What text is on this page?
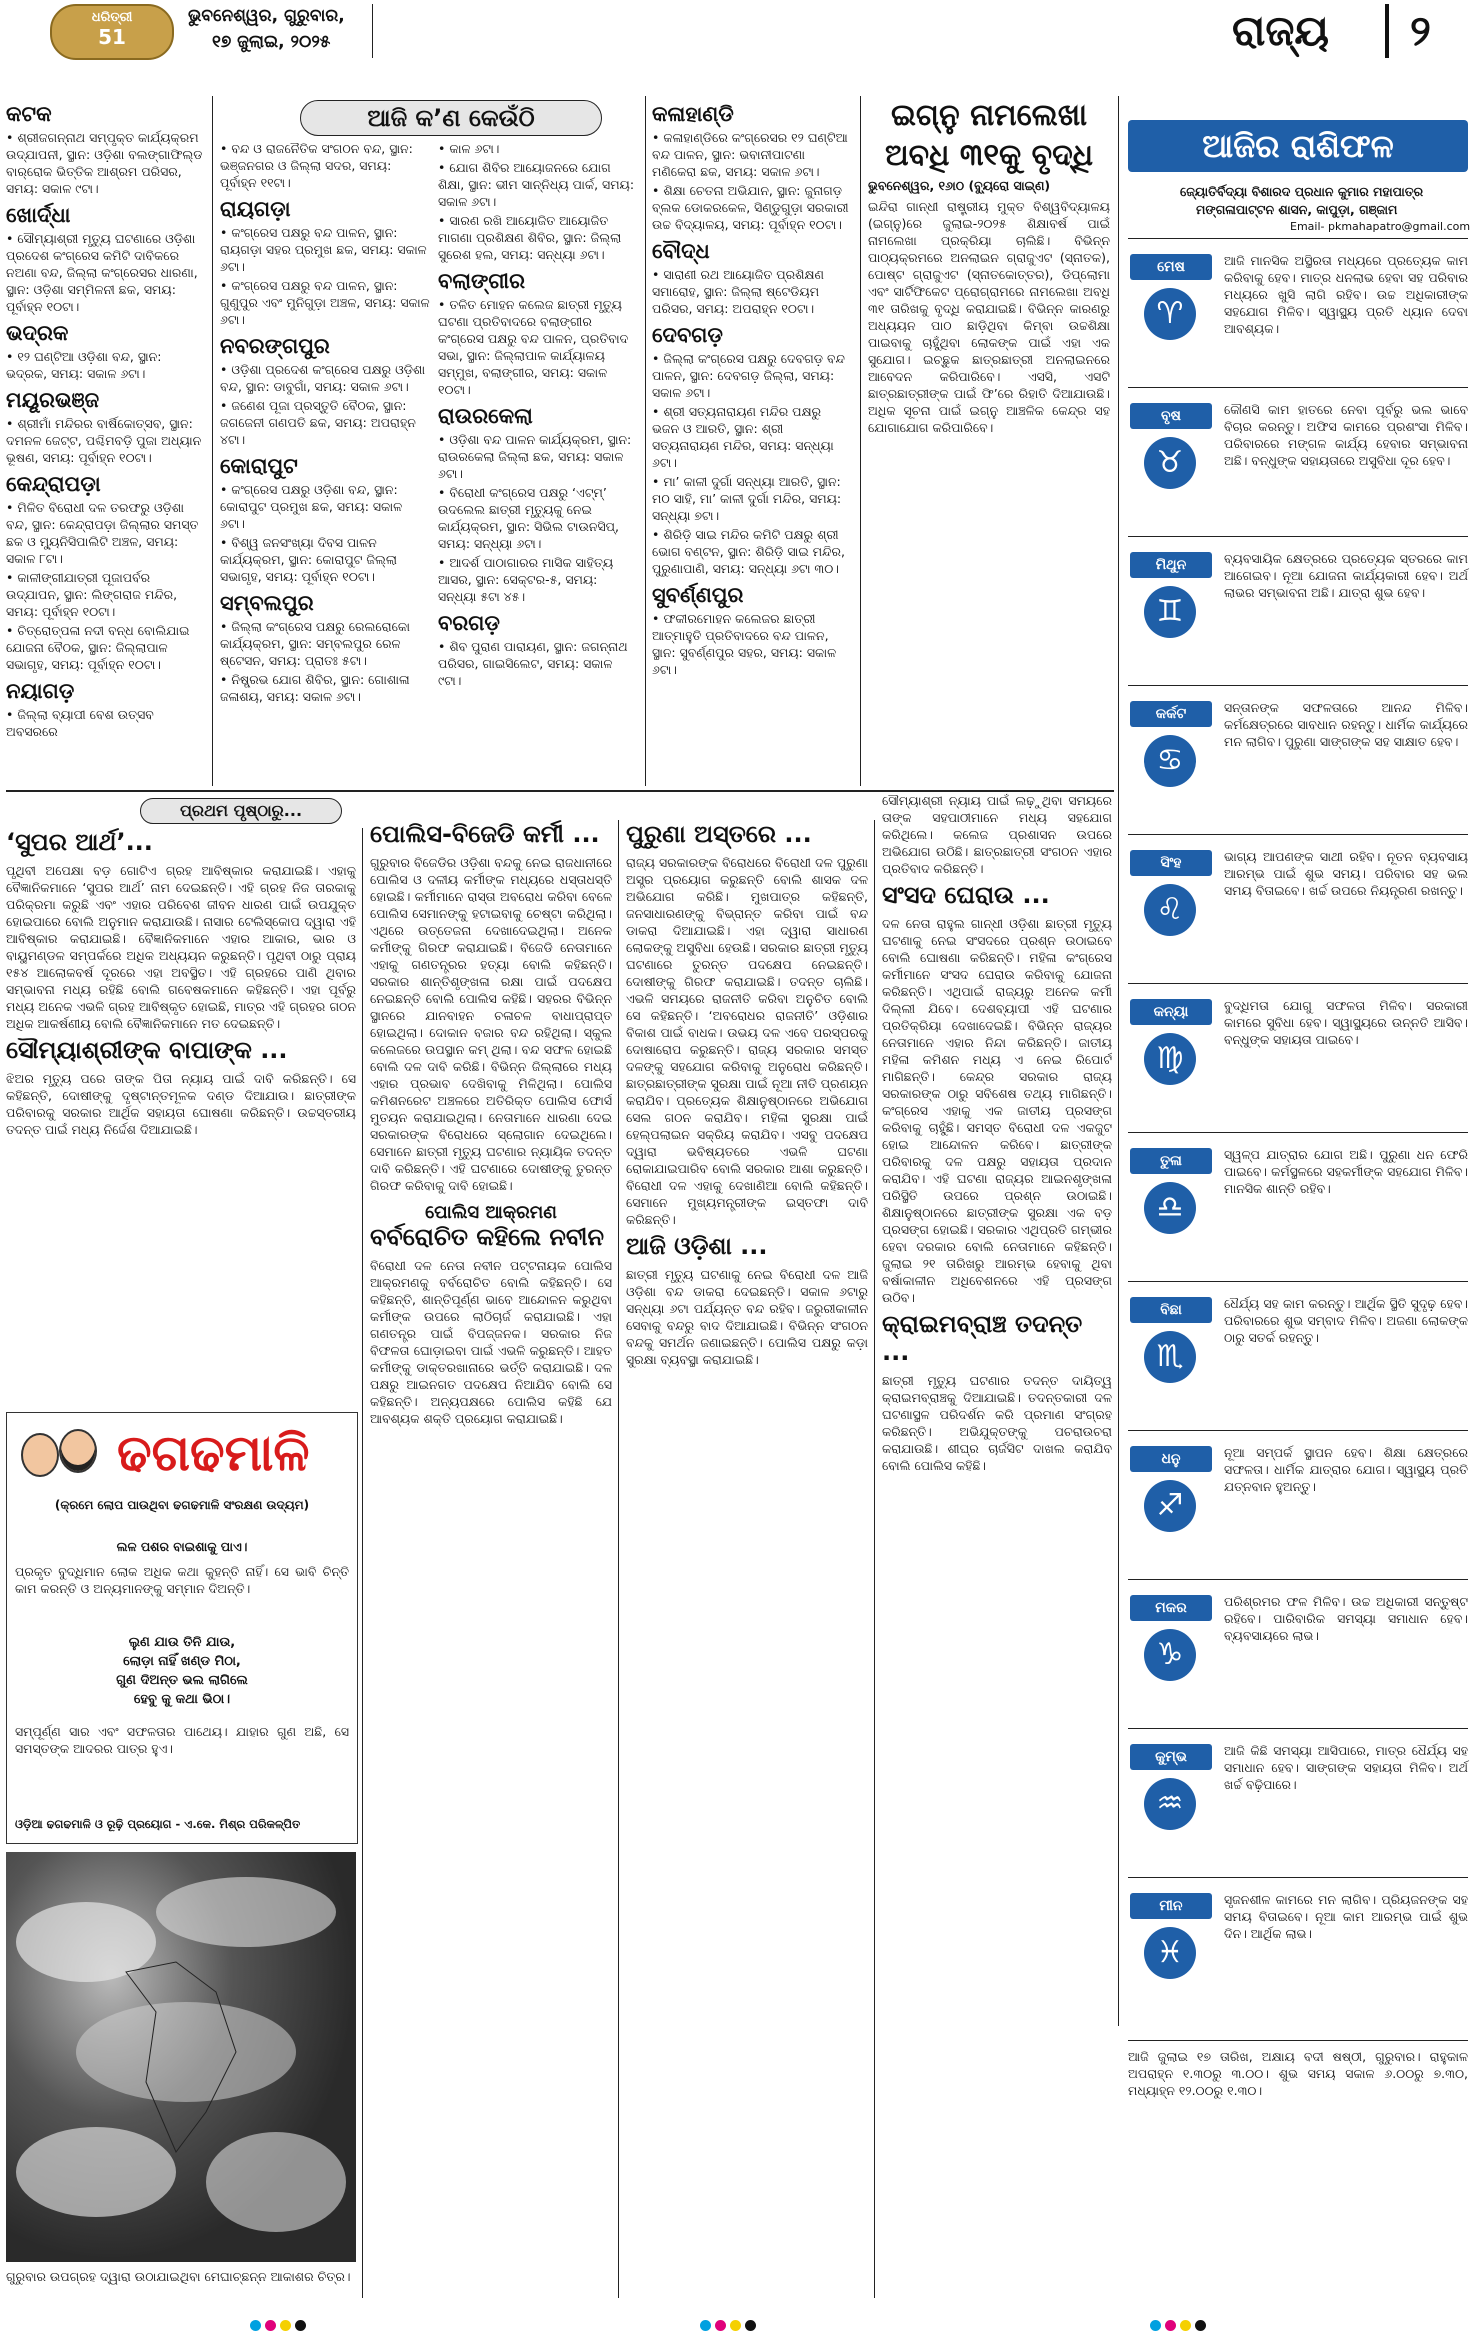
ଧରିତ୍ରୀ
51
ଭୁବନେଶ୍ୱର, ଗୁରୁବାର,
୧୭ ଜୁଲାଇ, ୨୦୨୫	ରାଜ୍ୟ ୨
ଆଜି କ’ଣ କେଉଁଠି
କଟକ
• ଶ୍ରୀଜଗନ୍ନାଥ ସମ୍ପୃକ୍ତ କାର୍ଯ୍ୟକ୍ରମ ଉଦ୍ଯାପନୀ, ସ୍ଥାନ: ଓଡ଼ିଶା ବଲଙ୍ଗାଫିଲ୍ଡ ବାର୍‌ରୋକ ଭିତ୍ତିକ ଆଶ୍ରମ ପରିସର, ସମୟ: ସକାଳ ୯ଟା।
ଖୋର୍ଦ୍ଧା
• ସୌମ୍ୟାଶ୍ରୀ ମୃତ୍ୟୁ ଘଟଣାରେ ଓଡ଼ିଶା ପ୍ରଦେଶ କଂଗ୍ରେସ କମିଟି ଦାବିକରେ ନଅଣା ବନ୍ଦ, ଜିଲ୍ଲା କଂଗ୍ରେସର ଧାରଣା, ସ୍ଥାନ: ଓଡ଼ିଶା ସମ୍ମିଳନୀ ଛକ, ସମୟ: ପୂର୍ବାହ୍ନ ୧୦ଟା।
ଭଦ୍ରକ
• ୧୨ ଘଣ୍ଟିଆ ଓଡ଼ିଶା ବନ୍ଦ, ସ୍ଥାନ: ଭଦ୍ରକ, ସମୟ: ସକାଳ ୬ଟା।
ମୟୂରଭଞ୍ଜ
• ଶ୍ରୀମାଁ ମନ୍ଦିରର ବାର୍ଷିକୋତ୍ସବ, ସ୍ଥାନ: ଦମନଳ ଜେଟ୍ଟ, ପଶ୍ଚିମବଡ଼ି ପୁଜା ଅଧ୍ୟାନ ଭୂଷଣ, ସମୟ: ପୂର୍ବାହ୍ନ ୧୦ଟା।
କେନ୍ଦ୍ରାପଡ଼ା
• ମିଳିତ ବିରୋଧୀ ଦଳ ତରଫରୁ ଓଡ଼ିଶା ବନ୍ଦ, ସ୍ଥାନ: କେନ୍ଦ୍ରାପଡ଼ା ଜିଲ୍ଲାର ସମସ୍ତ ଛକ ଓ ମ୍ୟୁନିସିପାଲିଟି ଅଞ୍ଚଳ, ସମୟ: ସକାଳ ୮ଟା।
• କାଳୀଙ୍ଗୀଯାତ୍ରୀ ପୂଜାପର୍ବର ଉଦ୍‌ଯାପନ, ସ୍ଥାନ: ଲିଙ୍ଗରାଜ ମନ୍ଦିର, ସମୟ: ପୂର୍ବାହ୍ନ ୧୦ଟା।
• ଚିତ୍ରୋତ୍ପଳା ନଦୀ ବନ୍ଧ ବୋଲିଯାଇ ଯୋଜନା ବୈଠକ, ସ୍ଥାନ: ଜିଲ୍ଲାପାଳ ସଭାଗୃହ, ସମୟ: ପୂର୍ବାହ୍ନ ୧୦ଟା।
ନୟାଗଡ଼
• ଜିଲ୍ଲା ବ୍ୟାପୀ ବେଶ ଉତ୍ସବ ଅବସରରେ
• ବନ୍ଦ ଓ ରାଜନୈତିକ ସଂଗଠନ ବନ୍ଦ, ସ୍ଥାନ: ଭଞ୍ଜନଗର ଓ ଜିଲ୍ଲା ସଦର, ସମୟ: ପୂର୍ବାହ୍ନ ୧୧ଟା।
ରାୟଗଡ଼ା
• କଂଗ୍ରେସ ପକ୍ଷରୁ ବନ୍ଦ ପାଳନ, ସ୍ଥାନ: ରାୟଗଡ଼ା ସହର ପ୍ରମୁଖ ଛକ, ସମୟ: ସକାଳ ୬ଟା।
• କଂଗ୍ରେସ ପକ୍ଷରୁ ବନ୍ଦ ପାଳନ, ସ୍ଥାନ: ଗୁଣୁପୁର ଏବଂ ମୁନିଗୁଡ଼ା ଅଞ୍ଚଳ, ସମୟ: ସକାଳ ୬ଟା।
ନବରଙ୍ଗପୁର
• ଓଡ଼ିଶା ପ୍ରଦେଶ କଂଗ୍ରେସ ପକ୍ଷରୁ ଓଡ଼ିଶା ବନ୍ଦ, ସ୍ଥାନ: ଡାବୁଗାଁ, ସମୟ: ସକାଳ ୬ଟା।
• ଜଣେଶ ପୂଜା ପ୍ରସ୍ତୁତି ବୈଠକ, ସ୍ଥାନ: ଜଗଜେନୀ ଗଣପତି ଛକ, ସମୟ: ଅପରାହ୍ନ ୪ଟା।
କୋରାପୁଟ
• କଂଗ୍ରେସ ପକ୍ଷରୁ ଓଡ଼ିଶା ବନ୍ଦ, ସ୍ଥାନ: କୋରାପୁଟ ପ୍ରମୁଖ ଛକ, ସମୟ: ସକାଳ ୬ଟା।
• ବିଶ୍ୱ ଜନସଂଖ୍ୟା ଦିବସ ପାଳନ କାର୍ଯ୍ୟକ୍ରମ, ସ୍ଥାନ: କୋରାପୁଟ ଜିଲ୍ଲା ସଭାଗୃହ, ସମୟ: ପୂର୍ବାହ୍ନ ୧୦ଟା।
ସମ୍ବଲପୁର
• ଜିଲ୍ଲା କଂଗ୍ରେସ ପକ୍ଷରୁ ରେଲରୋକୋ କାର୍ଯ୍ୟକ୍ରମ, ସ୍ଥାନ: ସମ୍ବଲପୁର ରେଳ ଷ୍ଟେସନ, ସମୟ: ପ୍ରାତଃ ୫ଟା।
• ନିଷ୍ପ୍ରଭ ଯୋଗ ଶିବିର, ସ୍ଥାନ: ଗୋଶାଳା ଜଳାଶୟ, ସମୟ: ସକାଳ ୬ଟା।
• କାଳ ୬ଟା।
• ଯୋଗ ଶିବିର ଆୟୋଜନରେ ଯୋଗ ଶିକ୍ଷା, ସ୍ଥାନ: ଭୀମ ସାନ୍ନିଧ୍ୟ ପାର୍କ, ସମୟ: ସକାଳ ୬ଟା।
• ସାରଣ ରଖି ଆୟୋଜିତ ଆୟୋଜିତ ମାଗଣା ପ୍ରଶିକ୍ଷଣ ଶିବିର, ସ୍ଥାନ: ଜିଲ୍ଲା ସୁରେଶ ହଲ, ସମୟ: ସନ୍ଧ୍ୟା ୬ଟା।
ବଲାଙ୍ଗୀର
• ତଳିତ ମୋହନ କଲେଜ ଛାତ୍ରୀ ମୃତ୍ୟୁ ଘଟଣା ପ୍ରତିବାଦରେ ବଲାଙ୍ଗୀର କଂଗ୍ରେସ ପକ୍ଷରୁ ବନ୍ଦ ପାଳନ, ପ୍ରତିବାଦ ସଭା, ସ୍ଥାନ: ଜିଲ୍ଲାପାଳ କାର୍ଯ୍ୟାଳୟ ସମ୍ମୁଖ, ବଲାଙ୍ଗୀର, ସମୟ: ସକାଳ ୧୦ଟା।
ରାଉରକେଲା
• ଓଡ଼ିଶା ବନ୍ଦ ପାଳନ କାର୍ଯ୍ୟକ୍ରମ, ସ୍ଥାନ: ରାଉରକେଲା ଜିଲ୍ଲା ଛକ, ସମୟ: ସକାଳ ୬ଟା।
• ବିରୋଧୀ କଂଗ୍ରେସ ପକ୍ଷରୁ ‘ଏଟ୍‌ମ୍’ ଉଦଲେଲ ଛାତ୍ରୀ ମୃତ୍ୟୁକୁ ନେଇ କାର୍ଯ୍ୟକ୍ରମ, ସ୍ଥାନ: ସିଭିଲ ଟାଉନସିପ୍, ସମୟ: ସନ୍ଧ୍ୟା ୬ଟା।
• ଆଦର୍ଶ ପାଠାଗାରର ମାସିକ ସାହିତ୍ୟ ଆସର, ସ୍ଥାନ: ସେକ୍ଟର-୫, ସମୟ: ସନ୍ଧ୍ୟା ୫ଟା ୪୫।
ବରଗଡ଼
• ଶିବ ପୁରାଣ ପାରାୟଣ, ସ୍ଥାନ: ଜଗନ୍ନାଥ ପରିସର, ଗାଇସିଲେଟ, ସମୟ: ସକାଳ ୯ଟା।
କଳାହାଣ୍ଡି
• କଳାହାଣ୍ଡିରେ କଂଗ୍ରେସର ୧୨ ଘଣ୍ଟିଆ ବନ୍ଦ ପାଳନ, ସ୍ଥାନ: ଭବାନୀପାଟଣା ମଣିକେରା ଛକ, ସମୟ: ସକାଳ ୬ଟା।
• ଶିକ୍ଷା ଚେତନା ଅଭିଯାନ, ସ୍ଥାନ: ଜୁନାଗଡ଼ ବ୍ଲକ ଡୋକରକେଳ, ସିଣ୍ଡୁଗୁଡ଼ା ସରକାରୀ ଉଚ୍ଚ ବିଦ୍ୟାଳୟ, ସମୟ: ପୂର୍ବାହ୍ନ ୧୦ଟା।
ବୌଦ୍ଧ
• ସାରାଣୀ ରଥ ଆୟୋଜିତ ପ୍ରଶିକ୍ଷଣ ସମାରୋହ, ସ୍ଥାନ: ଜିଲ୍ଲା ଷ୍ଟେଡିୟମ ପରିସର, ସମୟ: ଅପରାହ୍ନ ୧୦ଟା।
ଦେବଗଡ଼
• ଜିଲ୍ଲା କଂଗ୍ରେସ ପକ୍ଷରୁ ଦେବଗଡ଼ ବନ୍ଦ ପାଳନ, ସ୍ଥାନ: ଦେବଗଡ଼ ଜିଲ୍ଲା, ସମୟ: ସକାଳ ୬ଟା।
• ଶ୍ରୀ ସତ୍ୟନାରାୟଣ ମନ୍ଦିର ପକ୍ଷରୁ ଭଜନ ଓ ଆରତି, ସ୍ଥାନ: ଶ୍ରୀ ସତ୍ୟନାରାୟଣ ମନ୍ଦିର, ସମୟ: ସନ୍ଧ୍ୟା ୬ଟା।
• ମା’ କାଳୀ ଦୁର୍ଗା ସନ୍ଧ୍ୟା ଆରତି, ସ୍ଥାନ: ମଠ ସାହି, ମା’ କାଳୀ ଦୁର୍ଗା ମନ୍ଦିର, ସମୟ: ସନ୍ଧ୍ୟା ୭ଟା।
• ଶିରିଡ଼ି ସାଇ ମନ୍ଦିର କମିଟି ପକ୍ଷରୁ ଶ୍ରୀ ଭୋଗ ବଣ୍ଟନ, ସ୍ଥାନ: ଶିରିଡ଼ି ସାଇ ମନ୍ଦିର, ପୁରୁଣାପାଣି, ସମୟ: ସନ୍ଧ୍ୟା ୬ଟା ୩୦।
ସୁବର୍ଣ୍ଣପୁର
• ଫକୀରମୋହନ କଲେଜର ଛାତ୍ରୀ ଆତ୍ମାହୁତି ପ୍ରତିବାଦରେ ବନ୍ଦ ପାଳନ, ସ୍ଥାନ: ସୁବର୍ଣ୍ଣପୁର ସହର, ସମୟ: ସକାଳ ୬ଟା।
ଇଗ୍ନୁ ନାମଲେଖା
ଅବଧି ୩୧କୁ ବୃଦ୍ଧି
ଭୁବନେଶ୍ୱର, ୧୬ାଠ (ବ୍ୟୁରୋ ସାଇ୍ଣ)
ଇନ୍ଦିରା ଗାନ୍ଧୀ ରାଷ୍ଟ୍ରୀୟ ମୁକ୍ତ ବିଶ୍ୱବିଦ୍ୟାଳୟ (ଇଗ୍ନୁ)ରେ ଜୁଲାଇ-୨୦୨୫ ଶିକ୍ଷାବର୍ଷ ପାଇଁ ନାମଲେଖା ପ୍ରକ୍ରିୟା ଚାଲିଛି। ବିଭିନ୍ନ ପାଠ୍ୟକ୍ରମରେ ଅନଲାଇନ ଗ୍ରାଜୁଏଟ (ସ୍ନାତକ), ପୋଷ୍ଟ ଗ୍ରାଜୁଏଟ (ସ୍ନାତକୋତ୍ତର), ଡିପ୍ଲୋମା ଏବଂ ସାର୍ଟିଫିକେଟ ପ୍ରୋଗ୍ରାମରେ ନାମଲେଖା ଅବଧି ୩୧ ତାରିଖକୁ ବୃଦ୍ଧି କରାଯାଇଛି। ବିଭିନ୍ନ କାରଣରୁ ଅଧ୍ୟୟନ ପାଠ ଛାଡ଼ିଥିବା କିମ୍ବା ଉଚ୍ଚଶିକ୍ଷା ପାଇବାକୁ ଚାହୁଁଥିବା ଲୋକଙ୍କ ପାଇଁ ଏହା ଏକ ସୁଯୋଗ। ଇଚ୍ଛୁକ ଛାତ୍ରଛାତ୍ରୀ ଅନଲାଇନରେ ଆବେଦନ କରିପାରିବେ। ଏସସି, ଏସଟି ଛାତ୍ରଛାତ୍ରୀଙ୍କ ପାଇଁ ଫି’ରେ ରିହାତି ଦିଆଯାଉଛି। ଅଧିକ ସୂଚନା ପାଇଁ ଇଗ୍ନୁ ଆଞ୍ଚଳିକ କେନ୍ଦ୍ର ସହ ଯୋଗାଯୋଗ କରିପାରିବେ।
ଆଜିର ରାଶିଫଳ
ଜ୍ୟୋତିର୍ବିଦ୍ୟା ବିଶାରଦ ପ୍ରଧାନ କୁମାର ମହାପାତ୍ର
ମଙ୍ଗଳାପାଟ୍ଟନ ଶାସନ, କାପୁଡ଼ା, ଗଞ୍ଜାମ
Email- pkmahapatro@gmail.com
ମେଷ
♈
ଆଜି ମାନସିକ ଅସ୍ଥିରତା ମଧ୍ୟରେ ପ୍ରତ୍ୟେକ କାମ କରିବାକୁ ହେବ। ମାତ୍ର ଧନଲାଭ ହେବା ସହ ପରିବାର ମଧ୍ୟରେ ଖୁସି ଲାଗି ରହିବ। ଉଚ୍ଚ ଅଧିକାରୀଙ୍କ ସହଯୋଗ ମିଳିବ। ସ୍ୱାସ୍ଥ୍ୟ ପ୍ରତି ଧ୍ୟାନ ଦେବା ଆବଶ୍ୟକ।
ବୃଷ
♉
କୌଣସି କାମ ହାତରେ ନେବା ପୂର୍ବରୁ ଭଲ ଭାବେ ବିଚାର କରନ୍ତୁ। ଅଫିସ କାମରେ ପ୍ରଶଂସା ମିଳିବ। ପରିବାରରେ ମଙ୍ଗଳ କାର୍ଯ୍ୟ ହେବାର ସମ୍ଭାବନା ଅଛି। ବନ୍ଧୁଙ୍କ ସହାୟତାରେ ଅସୁବିଧା ଦୂର ହେବ।
ମିଥୁନ
♊
ବ୍ୟବସାୟିକ କ୍ଷେତ୍ରରେ ପ୍ରତ୍ୟେକ ସ୍ତରରେ କାମ ଆଗେଇବ। ନୂଆ ଯୋଜନା କାର୍ଯ୍ୟକାରୀ ହେବ। ଅର୍ଥ ଲାଭର ସମ୍ଭାବନା ଅଛି। ଯାତ୍ରା ଶୁଭ ହେବ।
କର୍କଟ
♋
ସନ୍ତାନଙ୍କ ସଫଳତାରେ ଆନନ୍ଦ ମିଳିବ। କର୍ମକ୍ଷେତ୍ରରେ ସାବଧାନ ରହନ୍ତୁ। ଧାର୍ମିକ କାର୍ଯ୍ୟରେ ମନ ଲାଗିବ। ପୁରୁଣା ସାଙ୍ଗଙ୍କ ସହ ସାକ୍ଷାତ ହେବ।
ସିଂହ
♌
ଭାଗ୍ୟ ଆପଣଙ୍କ ସାଥୀ ରହିବ। ନୂତନ ବ୍ୟବସାୟ ଆରମ୍ଭ ପାଇଁ ଶୁଭ ସମୟ। ପରିବାର ସହ ଭଲ ସମୟ ବିତାଇବେ। ଖର୍ଚ୍ଚ ଉପରେ ନିୟନ୍ତ୍ରଣ ରଖନ୍ତୁ।
କନ୍ୟା
♍
ବୁଦ୍ଧିମତା ଯୋଗୁ ସଫଳତା ମିଳିବ। ସରକାରୀ କାମରେ ସୁବିଧା ହେବ। ସ୍ୱାସ୍ଥ୍ୟରେ ଉନ୍ନତି ଆସିବ। ବନ୍ଧୁଙ୍କ ସହାୟତା ପାଇବେ।
ତୁଳା
♎
ସ୍ୱଳ୍ପ ଯାତ୍ରାର ଯୋଗ ଅଛି। ପୁରୁଣା ଧନ ଫେରି ପାଇବେ। କର୍ମସ୍ଥଳରେ ସହକର୍ମୀଙ୍କ ସହଯୋଗ ମିଳିବ। ମାନସିକ ଶାନ୍ତି ରହିବ।
ବିଛା
♏
ଧୈର୍ଯ୍ୟ ସହ କାମ କରନ୍ତୁ। ଆର୍ଥିକ ସ୍ଥିତି ସୁଦୃଢ଼ ହେବ। ପରିବାରରେ ଶୁଭ ସମ୍ବାଦ ମିଳିବ। ଅଜଣା ଲୋକଙ୍କ ଠାରୁ ସତର୍କ ରହନ୍ତୁ।
ଧନୁ
♐
ନୂଆ ସମ୍ପର୍କ ସ୍ଥାପନ ହେବ। ଶିକ୍ଷା କ୍ଷେତ୍ରରେ ସଫଳତା। ଧାର୍ମିକ ଯାତ୍ରାର ଯୋଗ। ସ୍ୱାସ୍ଥ୍ୟ ପ୍ରତି ଯତ୍ନବାନ ହୁଅନ୍ତୁ।
ମକର
♑
ପରିଶ୍ରମର ଫଳ ମିଳିବ। ଉଚ୍ଚ ଅଧିକାରୀ ସନ୍ତୁଷ୍ଟ ରହିବେ। ପାରିବାରିକ ସମସ୍ୟା ସମାଧାନ ହେବ। ବ୍ୟବସାୟରେ ଲାଭ।
କୁମ୍ଭ
♒
ଆଜି କିଛି ସମସ୍ୟା ଆସିପାରେ, ମାତ୍ର ଧୈର୍ଯ୍ୟ ସହ ସମାଧାନ ହେବ। ସାଙ୍ଗଙ୍କ ସହାୟତା ମିଳିବ। ଅର୍ଥ ଖର୍ଚ୍ଚ ବଢ଼ିପାରେ।
ମୀନ
♓
ସୃଜନଶୀଳ କାମରେ ମନ ଲାଗିବ। ପ୍ରିୟଜନଙ୍କ ସହ ସମୟ ବିତାଇବେ। ନୂଆ କାମ ଆରମ୍ଭ ପାଇଁ ଶୁଭ ଦିନ। ଆର୍ଥିକ ଲାଭ।
ଆଜି ଜୁଲାଇ ୧୭ ତାରିଖ, ଅକ୍ଷାୟ ବଦୀ ଷଷ୍ଠୀ, ଗୁରୁବାର। ରାହୁକାଳ ଅପରାହ୍ନ ୧.୩୦ରୁ ୩.୦୦। ଶୁଭ ସମୟ ସକାଳ ୬.୦୦ରୁ ୭.୩୦, ମଧ୍ୟାହ୍ନ ୧୨.୦୦ରୁ ୧.୩୦।
ପ୍ରଥମ ପୃଷ୍ଠାରୁ...
‘ସୁପର ଆର୍ଥ’...
ପୃଥିବୀ ଅପେକ୍ଷା ବଡ଼ ଗୋଟିଏ ଗ୍ରହ ଆବିଷ୍କାର କରାଯାଇଛି। ଏହାକୁ ବୈଜ୍ଞାନିକମାନେ ‘ସୁପର ଆର୍ଥ’ ନାମ ଦେଇଛନ୍ତି। ଏହି ଗ୍ରହ ନିଜ ତାରକାକୁ ପରିକ୍ରମା କରୁଛି ଏବଂ ଏହାର ପରିବେଶ ଜୀବନ ଧାରଣ ପାଇଁ ଉପଯୁକ୍ତ ହୋଇପାରେ ବୋଲି ଅନୁମାନ କରାଯାଉଛି। ନାସାର ଟେଲିସ୍କୋପ ଦ୍ୱାରା ଏହି ଆବିଷ୍କାର କରାଯାଇଛି। ବୈଜ୍ଞାନିକମାନେ ଏହାର ଆକାର, ଭାର ଓ ବାୟୁମଣ୍ଡଳ ସମ୍ପର୍କରେ ଅଧିକ ଅଧ୍ୟୟନ କରୁଛନ୍ତି। ପୃଥିବୀ ଠାରୁ ପ୍ରାୟ ୧୫୪ ଆଲୋକବର୍ଷ ଦୂରରେ ଏହା ଅବସ୍ଥିତ। ଏହି ଗ୍ରହରେ ପାଣି ଥିବାର ସମ୍ଭାବନା ମଧ୍ୟ ରହିଛି ବୋଲି ଗବେଷକମାନେ କହିଛନ୍ତି। ଏହା ପୂର୍ବରୁ ମଧ୍ୟ ଅନେକ ଏଭଳି ଗ୍ରହ ଆବିଷ୍କୃତ ହୋଇଛି, ମାତ୍ର ଏହି ଗ୍ରହର ଗଠନ ଅଧିକ ଆକର୍ଷଣୀୟ ବୋଲି ବୈଜ୍ଞାନିକମାନେ ମତ ଦେଇଛନ୍ତି।
ସୌମ୍ୟାଶ୍ରୀଙ୍କ ବାପାଙ୍କ ...
ଝିଅର ମୃତ୍ୟୁ ପରେ ତାଙ୍କ ପିତା ନ୍ୟାୟ ପାଇଁ ଦାବି କରିଛନ୍ତି। ସେ କହିଛନ୍ତି, ଦୋଷୀଙ୍କୁ ଦୃଷ୍ଟାନ୍ତମୂଳକ ଦଣ୍ଡ ଦିଆଯାଉ। ଛାତ୍ରୀଙ୍କ ପରିବାରକୁ ସରକାର ଆର୍ଥିକ ସହାୟତା ଘୋଷଣା କରିଛନ୍ତି। ଉଚ୍ଚସ୍ତରୀୟ ତଦନ୍ତ ପାଇଁ ମଧ୍ୟ ନିର୍ଦ୍ଦେଶ ଦିଆଯାଇଛି।
ଢଗଢମାଳି
(କ୍ରମେ ଲୋପ ପାଉଥିବା ଢଗଢମାଳି ସଂରକ୍ଷଣ ଉଦ୍ୟମ)
ଲଳ ପଶର ବାଇଶାକୁ ପାଏ।
ପ୍ରକୃତ ବୁଦ୍ଧିମାନ ଲୋକ ଅଧିକ କଥା କୁହନ୍ତି ନାହିଁ। ସେ ଭାବି ଚିନ୍ତି କାମ କରନ୍ତି ଓ ଅନ୍ୟମାନଙ୍କୁ ସମ୍ମାନ ଦିଅନ୍ତି।
ଲୁଣ ଯାଉ ତିନି ଯାଉ,
ଲୋଡ଼ା ନାହିଁ ଖଣ୍ଡ ମିଠା,
ଗୁଣ ଦିଅନ୍ତ ଭଲ ଲାଗିଲେ
ହେବୁ କୁ କଥା ଭିଠା।
ସମ୍ପୂର୍ଣ୍ଣ ସାର ଏବଂ ସଫଳତାର ପାଥେୟ। ଯାହାର ଗୁଣ ଅଛି, ସେ ସମସ୍ତଙ୍କ ଆଦରର ପାତ୍ର ହୁଏ।
ଓଡ଼ିଆ ଢଗଢମାଳି ଓ ରୂଢ଼ି ପ୍ରୟୋଗ - ଏ.କେ. ମିଶ୍ର ପରିକଳ୍ପିତ
ଗୁରୁବାର ଉପଗ୍ରହ ଦ୍ୱାରା ଉଠାଯାଇଥିବା ମେଘାଚ୍ଛନ୍ନ ଆକାଶର ଚିତ୍ର।
ପୋଲିସ-ବିଜେଡି କର୍ମୀ ...
ଗୁରୁବାର ବିଜେଡିର ଓଡ଼ିଶା ବନ୍ଦକୁ ନେଇ ରାଜଧାନୀରେ ପୋଲିସ ଓ ଦଳୀୟ କର୍ମୀଙ୍କ ମଧ୍ୟରେ ଧସ୍ତାଧସ୍ତି ହୋଇଛି। କର୍ମୀମାନେ ରାସ୍ତା ଅବରୋଧ କରିବା ବେଳେ ପୋଲିସ ସେମାନଙ୍କୁ ହଟାଇବାକୁ ଚେଷ୍ଟା କରିଥିଲା। ଏଥିରେ ଉତ୍ତେଜନା ଦେଖାଦେଇଥିଲା। ଅନେକ କର୍ମୀଙ୍କୁ ଗିରଫ କରାଯାଇଛି। ବିଜେଡି ନେତାମାନେ ଏହାକୁ ଗଣତନ୍ତ୍ରର ହତ୍ୟା ବୋଲି କହିଛନ୍ତି। ସରକାର ଶାନ୍ତିଶୃଙ୍ଖଳା ରକ୍ଷା ପାଇଁ ପଦକ୍ଷେପ ନେଇଛନ୍ତି ବୋଲି ପୋଲିସ କହିଛି। ସହରର ବିଭିନ୍ନ ସ୍ଥାନରେ ଯାନବାହନ ଚଳାଚଳ ବାଧାପ୍ରାପ୍ତ ହୋଇଥିଲା। ଦୋକାନ ବଜାର ବନ୍ଦ ରହିଥିଲା। ସ୍କୁଲ କଲେଜରେ ଉପସ୍ଥାନ କମ୍ ଥିଲା। ବନ୍ଦ ସଫଳ ହୋଇଛି ବୋଲି ଦଳ ଦାବି କରିଛି। ବିଭିନ୍ନ ଜିଲ୍ଲାରେ ମଧ୍ୟ ଏହାର ପ୍ରଭାବ ଦେଖିବାକୁ ମିଳିଥିଲା। ପୋଲିସ କମିଶନରେଟ ଅଞ୍ଚଳରେ ଅତିରିକ୍ତ ପୋଲିସ ଫୋର୍ସ ମୁତୟନ କରାଯାଇଥିଲା। ନେତାମାନେ ଧାରଣା ଦେଇ ସରକାରଙ୍କ ବିରୋଧରେ ସ୍ଲୋଗାନ ଦେଇଥିଲେ। ସେମାନେ ଛାତ୍ରୀ ମୃତ୍ୟୁ ଘଟଣାର ନ୍ୟାୟିକ ତଦନ୍ତ ଦାବି କରିଛନ୍ତି। ଏହି ଘଟଣାରେ ଦୋଷୀଙ୍କୁ ତୁରନ୍ତ ଗିରଫ କରିବାକୁ ଦାବି ହୋଇଛି।
ପୋଲିସ ଆକ୍ରମଣ
ବର୍ବରୋଚିତ କହିଲେ ନବୀନ
ବିରୋଧୀ ଦଳ ନେତା ନବୀନ ପଟ୍ଟନାୟକ ପୋଲିସ ଆକ୍ରମଣକୁ ବର୍ବରୋଚିତ ବୋଲି କହିଛନ୍ତି। ସେ କହିଛନ୍ତି, ଶାନ୍ତିପୂର୍ଣ୍ଣ ଭାବେ ଆନ୍ଦୋଳନ କରୁଥିବା କର୍ମୀଙ୍କ ଉପରେ ଲାଠିଚାର୍ଜ କରାଯାଇଛି। ଏହା ଗଣତନ୍ତ୍ର ପାଇଁ ବିପଜ୍ଜନକ। ସରକାର ନିଜ ବିଫଳତା ଘୋଡ଼ାଇବା ପାଇଁ ଏଭଳି କରୁଛନ୍ତି। ଆହତ କର୍ମୀଙ୍କୁ ଡାକ୍ତରଖାନାରେ ଭର୍ତ୍ତି କରାଯାଇଛି। ଦଳ ପକ୍ଷରୁ ଆଇନଗତ ପଦକ୍ଷେପ ନିଆଯିବ ବୋଲି ସେ କହିଛନ୍ତି। ଅନ୍ୟପକ୍ଷରେ ପୋଲିସ କହିଛି ଯେ ଆବଶ୍ୟକ ଶକ୍ତି ପ୍ରୟୋଗ କରାଯାଇଛି।
ପୁରୁଣା ଅସ୍ତରେ ...
ରାଜ୍ୟ ସରକାରଙ୍କ ବିରୋଧରେ ବିରୋଧୀ ଦଳ ପୁରୁଣା ଅସ୍ତ୍ର ପ୍ରୟୋଗ କରୁଛନ୍ତି ବୋଲି ଶାସକ ଦଳ ଅଭିଯୋଗ କରିଛି। ମୁଖପାତ୍ର କହିଛନ୍ତି, ଜନସାଧାରଣଙ୍କୁ ବିଭ୍ରାନ୍ତ କରିବା ପାଇଁ ବନ୍ଦ ଡାକରା ଦିଆଯାଇଛି। ଏହା ଦ୍ୱାରା ସାଧାରଣ ଲୋକଙ୍କୁ ଅସୁବିଧା ହେଉଛି। ସରକାର ଛାତ୍ରୀ ମୃତ୍ୟୁ ଘଟଣାରେ ତୁରନ୍ତ ପଦକ୍ଷେପ ନେଇଛନ୍ତି। ଦୋଷୀଙ୍କୁ ଗିରଫ କରାଯାଇଛି। ତଦନ୍ତ ଚାଲିଛି। ଏଭଳି ସମୟରେ ରାଜନୀତି କରିବା ଅନୁଚିତ ବୋଲି ସେ କହିଛନ୍ତି। ‘ଅବରୋଧର ରାଜନୀତି’ ଓଡ଼ିଶାର ବିକାଶ ପାଇଁ ବାଧକ। ଉଭୟ ଦଳ ଏବେ ପରସ୍ପରକୁ ଦୋଷାରୋପ କରୁଛନ୍ତି। ରାଜ୍ୟ ସରକାର ସମସ୍ତ ଦଳଙ୍କୁ ସହଯୋଗ କରିବାକୁ ଅନୁରୋଧ କରିଛନ୍ତି। ଛାତ୍ରଛାତ୍ରୀଙ୍କ ସୁରକ୍ଷା ପାଇଁ ନୂଆ ନୀତି ପ୍ରଣୟନ କରାଯିବ। ପ୍ରତ୍ୟେକ ଶିକ୍ଷାନୁଷ୍ଠାନରେ ଅଭିଯୋଗ ସେଲ ଗଠନ କରାଯିବ। ମହିଳା ସୁରକ୍ଷା ପାଇଁ ହେଲ୍ପଲାଇନ ସକ୍ରିୟ କରାଯିବ। ଏସବୁ ପଦକ୍ଷେପ ଦ୍ୱାରା ଭବିଷ୍ୟତରେ ଏଭଳି ଘଟଣା ରୋକାଯାଇପାରିବ ବୋଲି ସରକାର ଆଶା କରୁଛନ୍ତି। ବିରୋଧୀ ଦଳ ଏହାକୁ ଦେଖାଣିଆ ବୋଲି କହିଛନ୍ତି। ସେମାନେ ମୁଖ୍ୟମନ୍ତ୍ରୀଙ୍କ ଇସ୍ତଫା ଦାବି କରିଛନ୍ତି।
ଆଜି ଓଡ଼ିଶା ...
ଛାତ୍ରୀ ମୃତ୍ୟୁ ଘଟଣାକୁ ନେଇ ବିରୋଧୀ ଦଳ ଆଜି ଓଡ଼ିଶା ବନ୍ଦ ଡାକରା ଦେଇଛନ୍ତି। ସକାଳ ୬ଟାରୁ ସନ୍ଧ୍ୟା ୬ଟା ପର୍ଯ୍ୟନ୍ତ ବନ୍ଦ ରହିବ। ଜରୁରୀକାଳୀନ ସେବାକୁ ବନ୍ଦରୁ ବାଦ ଦିଆଯାଇଛି। ବିଭିନ୍ନ ସଂଗଠନ ବନ୍ଦକୁ ସମର୍ଥନ ଜଣାଇଛନ୍ତି। ପୋଲିସ ପକ୍ଷରୁ କଡ଼ା ସୁରକ୍ଷା ବ୍ୟବସ୍ଥା କରାଯାଇଛି।
ସୌମ୍ୟାଶ୍ରୀ ନ୍ୟାୟ ପାଇଁ ଲଢ଼ୁଥିବା ସମୟରେ ତାଙ୍କ ସହପାଠୀମାନେ ମଧ୍ୟ ସହଯୋଗ କରିଥିଲେ। କଲେଜ ପ୍ରଶାସନ ଉପରେ ଅଭିଯୋଗ ଉଠିଛି। ଛାତ୍ରଛାତ୍ରୀ ସଂଗଠନ ଏହାର ପ୍ରତିବାଦ କରିଛନ୍ତି।
ସଂସଦ ଘେରାଉ ...
ଦଳ ନେତା ରାହୁଲ ଗାନ୍ଧୀ ଓଡ଼ିଶା ଛାତ୍ରୀ ମୃତ୍ୟୁ ଘଟଣାକୁ ନେଇ ସଂସଦରେ ପ୍ରଶ୍ନ ଉଠାଇବେ ବୋଲି ଘୋଷଣା କରିଛନ୍ତି। ମହିଳା କଂଗ୍ରେସ କର୍ମୀମାନେ ସଂସଦ ଘେରାଉ କରିବାକୁ ଯୋଜନା କରିଛନ୍ତି। ଏଥିପାଇଁ ରାଜ୍ୟରୁ ଅନେକ କର୍ମୀ ଦିଲ୍ଲୀ ଯିବେ। ଦେଶବ୍ୟାପୀ ଏହି ଘଟଣାର ପ୍ରତିକ୍ରିୟା ଦେଖାଦେଇଛି। ବିଭିନ୍ନ ରାଜ୍ୟର ନେତାମାନେ ଏହାର ନିନ୍ଦା କରିଛନ୍ତି। ଜାତୀୟ ମହିଳା କମିଶନ ମଧ୍ୟ ଏ ନେଇ ରିପୋର୍ଟ ମାଗିଛନ୍ତି। କେନ୍ଦ୍ର ସରକାର ରାଜ୍ୟ ସରକାରଙ୍କ ଠାରୁ ସବିଶେଷ ତଥ୍ୟ ମାଗିଛନ୍ତି। କଂଗ୍ରେସ ଏହାକୁ ଏକ ଜାତୀୟ ପ୍ରସଙ୍ଗ କରିବାକୁ ଚାହୁଁଛି। ସମସ୍ତ ବିରୋଧୀ ଦଳ ଏକଜୁଟ ହୋଇ ଆନ୍ଦୋଳନ କରିବେ। ଛାତ୍ରୀଙ୍କ ପରିବାରକୁ ଦଳ ପକ୍ଷରୁ ସହାୟତା ପ୍ରଦାନ କରାଯିବ। ଏହି ଘଟଣା ରାଜ୍ୟର ଆଇନଶୃଙ୍ଖଳା ପରିସ୍ଥିତି ଉପରେ ପ୍ରଶ୍ନ ଉଠାଇଛି। ଶିକ୍ଷାନୁଷ୍ଠାନରେ ଛାତ୍ରୀଙ୍କ ସୁରକ୍ଷା ଏକ ବଡ଼ ପ୍ରସଙ୍ଗ ହୋଇଛି। ସରକାର ଏଥିପ୍ରତି ଗମ୍ଭୀର ହେବା ଦରକାର ବୋଲି ନେତାମାନେ କହିଛନ୍ତି। ଜୁଲାଇ ୨୧ ତାରିଖରୁ ଆରମ୍ଭ ହେବାକୁ ଥିବା ବର୍ଷାକାଳୀନ ଅଧିବେଶନରେ ଏହି ପ୍ରସଙ୍ଗ ଉଠିବ।
କ୍ରାଇମବ୍ରାଞ୍ଚ ତଦନ୍ତ ...
ଛାତ୍ରୀ ମୃତ୍ୟୁ ଘଟଣାର ତଦନ୍ତ ଦାୟିତ୍ୱ କ୍ରାଇମବ୍ରାଞ୍ଚକୁ ଦିଆଯାଇଛି। ତଦନ୍ତକାରୀ ଦଳ ଘଟଣାସ୍ଥଳ ପରିଦର୍ଶନ କରି ପ୍ରମାଣ ସଂଗ୍ରହ କରିଛନ୍ତି। ଅଭିଯୁକ୍ତଙ୍କୁ ପଚରାଉଚରା କରାଯାଉଛି। ଶୀଘ୍ର ଚାର୍ଜସିଟ ଦାଖଲ କରାଯିବ ବୋଲି ପୋଲିସ କହିଛି।
